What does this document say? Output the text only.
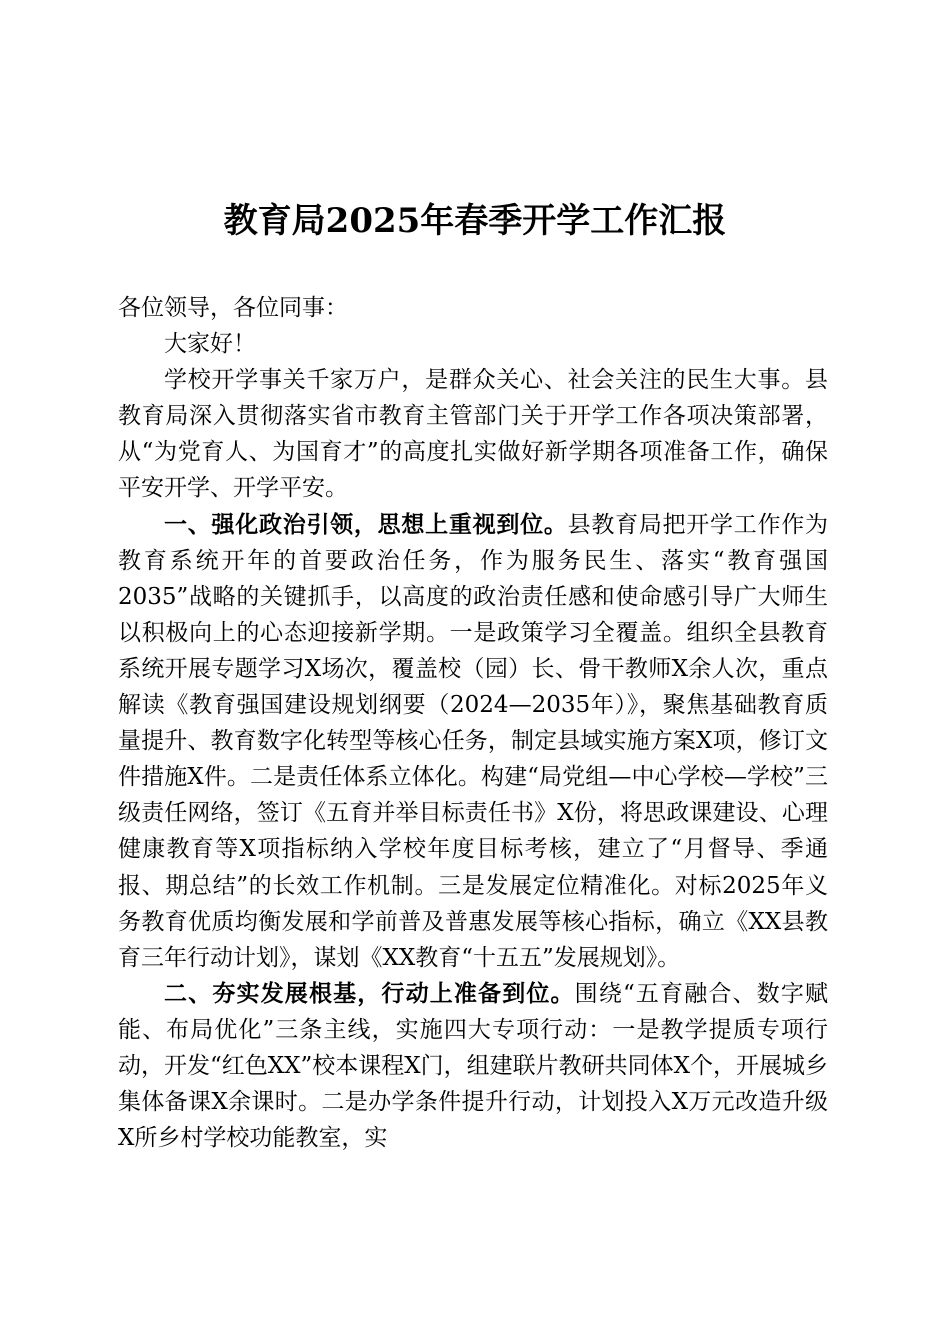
教育局2025年春季开学工作汇报

各位领导，各位同事：

大家好！

学校开学事关千家万户，是群众关心、社会关注的民生大事。县教育局深入贯彻落实省市教育主管部门关于开学工作各项决策部署，从“为党育人、为国育才”的高度扎实做好新学期各项准备工作，确保平安开学、开学平安。

一、强化政治引领，思想上重视到位。县教育局把开学工作作为教育系统开年的首要政治任务，作为服务民生、落实“教育强国2035”战略的关键抓手，以高度的政治责任感和使命感引导广大师生以积极向上的心态迎接新学期。一是政策学习全覆盖。组织全县教育系统开展专题学习X场次，覆盖校（园）长、骨干教师X余人次，重点解读《教育强国建设规划纲要（2024—2035年）》，聚焦基础教育质量提升、教育数字化转型等核心任务，制定县域实施方案X项，修订文件措施X件。二是责任体系立体化。构建“局党组—中心学校—学校”三级责任网络，签订《五育并举目标责任书》X份，将思政课建设、心理健康教育等X项指标纳入学校年度目标考核，建立了“月督导、季通报、期总结”的长效工作机制。三是发展定位精准化。对标2025年义务教育优质均衡发展和学前普及普惠发展等核心指标，确立《XX县教育三年行动计划》，谋划《XX教育“十五五”发展规划》。

二、夯实发展根基，行动上准备到位。围绕“五育融合、数字赋能、布局优化”三条主线，实施四大专项行动：一是教学提质专项行动，开发“红色XX”校本课程X门，组建联片教研共同体X个，开展城乡集体备课X余课时。二是办学条件提升行动，计划投入X万元改造升级X所乡村学校功能教室，实
